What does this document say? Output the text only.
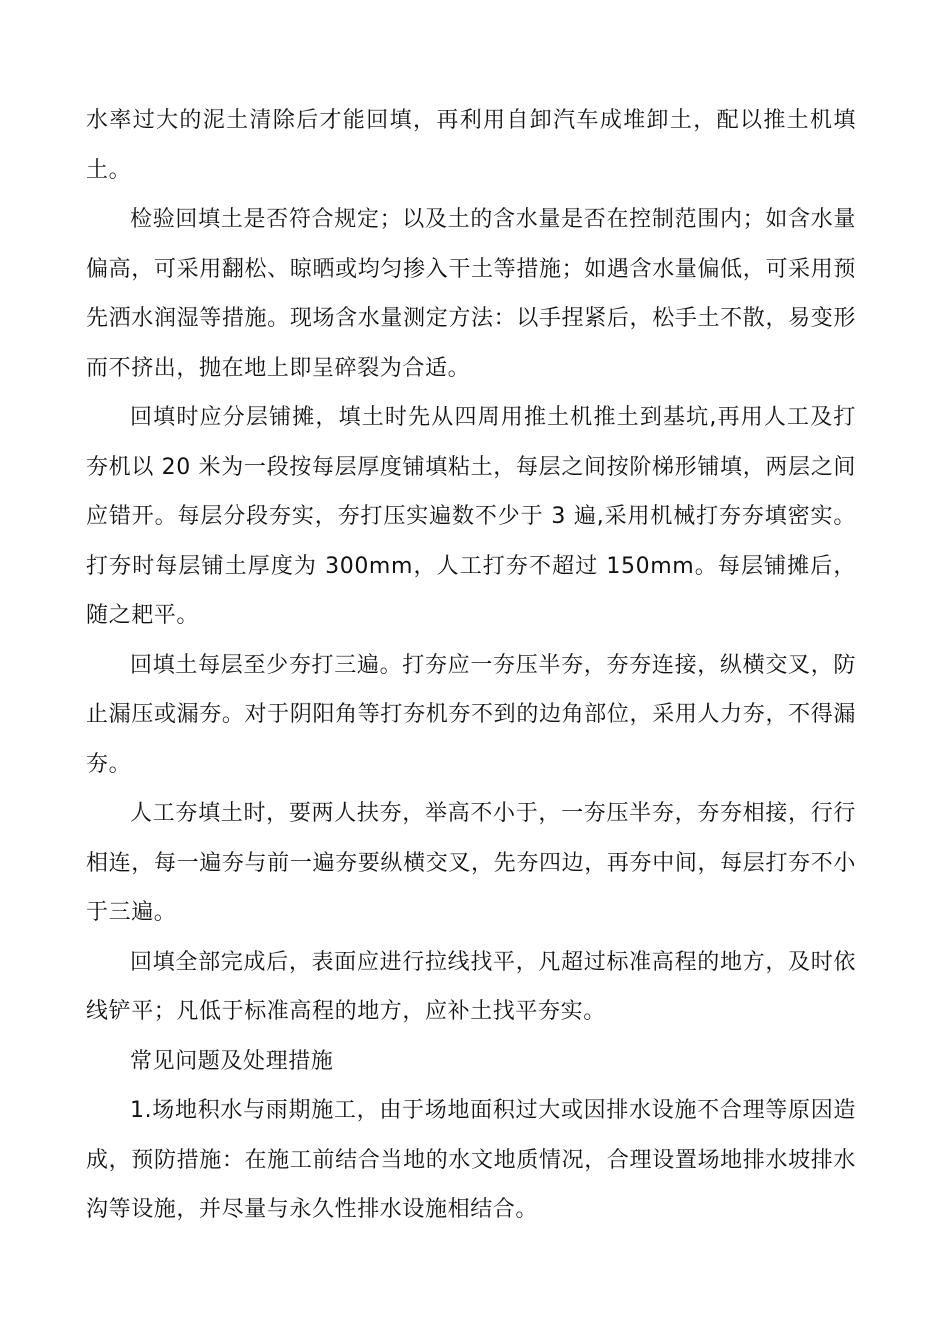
水率过大的泥土清除后才能回填，再利用自卸汽车成堆卸土，配以推土机填土。

检验回填土是否符合规定；以及土的含水量是否在控制范围内；如含水量偏高，可采用翻松、晾晒或均匀掺入干土等措施；如遇含水量偏低，可采用预先洒水润湿等措施。现场含水量测定方法：以手捏紧后，松手土不散，易变形而不挤出，抛在地上即呈碎裂为合适。

回填时应分层铺摊，填土时先从四周用推土机推土到基坑,再用人工及打夯机以 20 米为一段按每层厚度铺填粘土，每层之间按阶梯形铺填，两层之间应错开。每层分段夯实，夯打压实遍数不少于 3 遍,采用机械打夯夯填密实。打夯时每层铺土厚度为 300mm，人工打夯不超过 150mm。每层铺摊后，随之耙平。

回填土每层至少夯打三遍。打夯应一夯压半夯，夯夯连接，纵横交叉，防止漏压或漏夯。对于阴阳角等打夯机夯不到的边角部位，采用人力夯，不得漏夯。

人工夯填土时，要两人扶夯，举高不小于，一夯压半夯，夯夯相接，行行相连，每一遍夯与前一遍夯要纵横交叉，先夯四边，再夯中间，每层打夯不小于三遍。

回填全部完成后，表面应进行拉线找平，凡超过标准高程的地方，及时依线铲平；凡低于标准高程的地方，应补土找平夯实。

常见问题及处理措施

1.场地积水与雨期施工，由于场地面积过大或因排水设施不合理等原因造成，预防措施：在施工前结合当地的水文地质情况，合理设置场地排水坡排水沟等设施，并尽量与永久性排水设施相结合。
